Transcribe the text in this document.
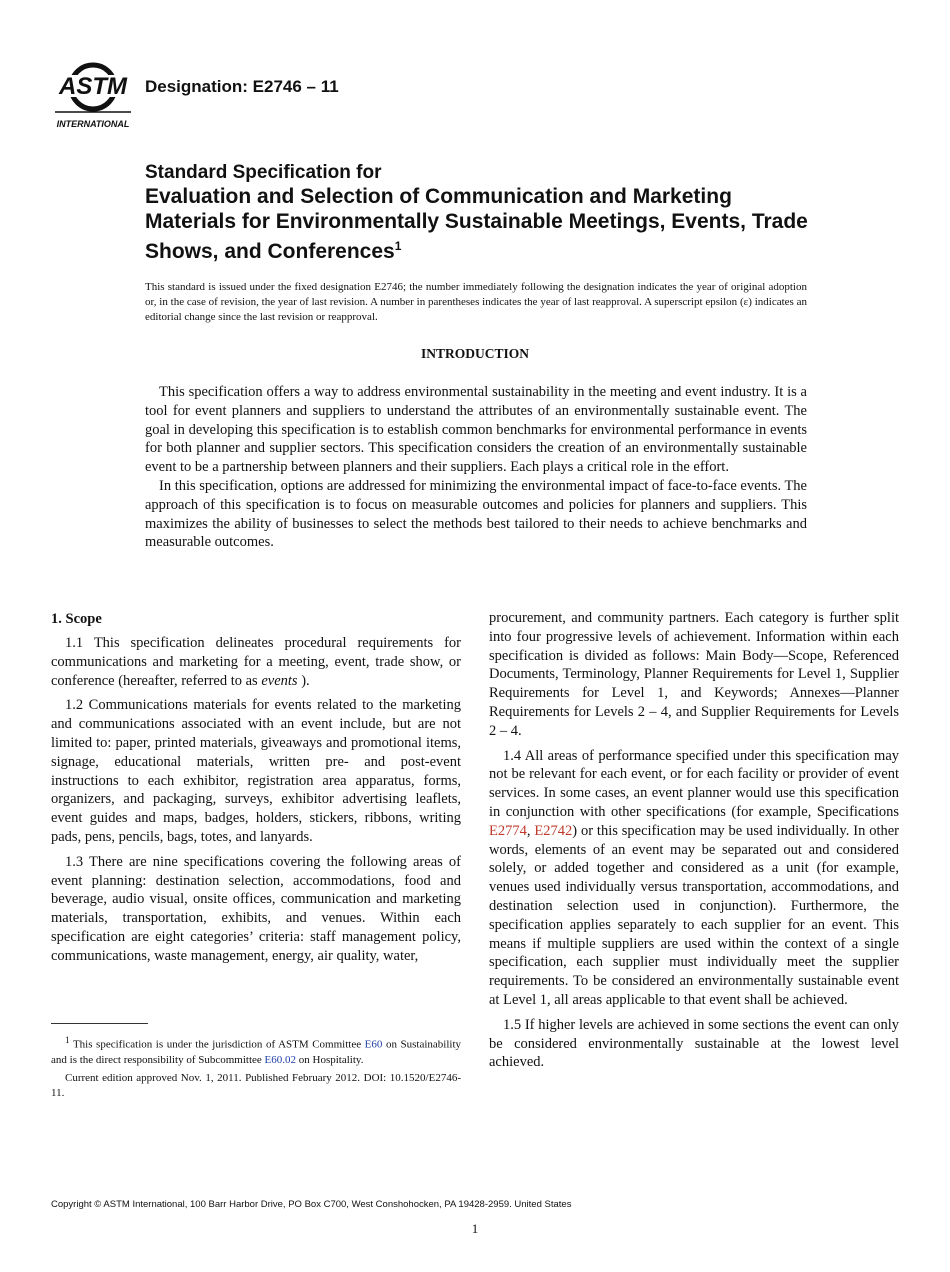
ASTM
INTERNATIONAL

Designation: E2746 – 11

Standard Specification for
Evaluation and Selection of Communication and Marketing Materials for Environmentally Sustainable Meetings, Events, Trade Shows, and Conferences$^1$

This standard is issued under the fixed designation E2746; the number immediately following the designation indicates the year of original adoption or, in the case of revision, the year of last revision. A number in parentheses indicates the year of last reapproval. A superscript epsilon (ε) indicates an editorial change since the last revision or reapproval.

INTRODUCTION

This specification offers a way to address environmental sustainability in the meeting and event industry. It is a tool for event planners and suppliers to understand the attributes of an environmentally sustainable event. The goal in developing this specification is to establish common benchmarks for environmental performance in events for both planner and supplier sectors. This specification considers the creation of an environmentally sustainable event to be a partnership between planners and their suppliers. Each plays a critical role in the effort.

In this specification, options are addressed for minimizing the environmental impact of face-to-face events. The approach of this specification is to focus on measurable outcomes and policies for planners and suppliers. This maximizes the ability of businesses to select the methods best tailored to their needs to achieve benchmarks and measurable outcomes.

1. Scope

1.1 This specification delineates procedural requirements for communications and marketing for a meeting, event, trade show, or conference (hereafter, referred to as events ).

1.2 Communications materials for events related to the marketing and communications associated with an event include, but are not limited to: paper, printed materials, giveaways and promotional items, signage, educational materials, written pre- and post-event instructions to each exhibitor, registration area apparatus, forms, organizers, and packaging, surveys, exhibitor advertising leaflets, event guides and maps, badges, holders, stickers, ribbons, writing pads, pens, pencils, bags, totes, and lanyards.

1.3 There are nine specifications covering the following areas of event planning: destination selection, accommodations, food and beverage, audio visual, onsite offices, communication and marketing materials, transportation, exhibits, and venues. Within each specification are eight categories’ criteria: staff management policy, communications, waste management, energy, air quality, water,

$^1$ This specification is under the jurisdiction of ASTM Committee E60 on Sustainability and is the direct responsibility of Subcommittee E60.02 on Hospitality.

Current edition approved Nov. 1, 2011. Published February 2012. DOI: 10.1520/E2746-11.

procurement, and community partners. Each category is further split into four progressive levels of achievement. Information within each specification is divided as follows: Main Body—Scope, Referenced Documents, Terminology, Planner Requirements for Level 1, Supplier Requirements for Level 1, and Keywords; Annexes—Planner Requirements for Levels 2 – 4, and Supplier Requirements for Levels 2 – 4.

1.4 All areas of performance specified under this specification may not be relevant for each event, or for each facility or provider of event services. In some cases, an event planner would use this specification in conjunction with other specifications (for example, Specifications E2774, E2742) or this specification may be used individually. In other words, elements of an event may be separated out and considered solely, or added together and considered as a unit (for example, venues used individually versus transportation, accommodations, and destination selection used in conjunction). Furthermore, the specification applies separately to each supplier for an event. This means if multiple suppliers are used within the context of a single specification, each supplier must individually meet the supplier requirements. To be considered an environmentally sustainable event at Level 1, all areas applicable to that event shall be achieved.

1.5 If higher levels are achieved in some sections the event can only be considered environmentally sustainable at the lowest level achieved.

Copyright © ASTM International, 100 Barr Harbor Drive, PO Box C700, West Conshohocken, PA 19428-2959. United States

1
